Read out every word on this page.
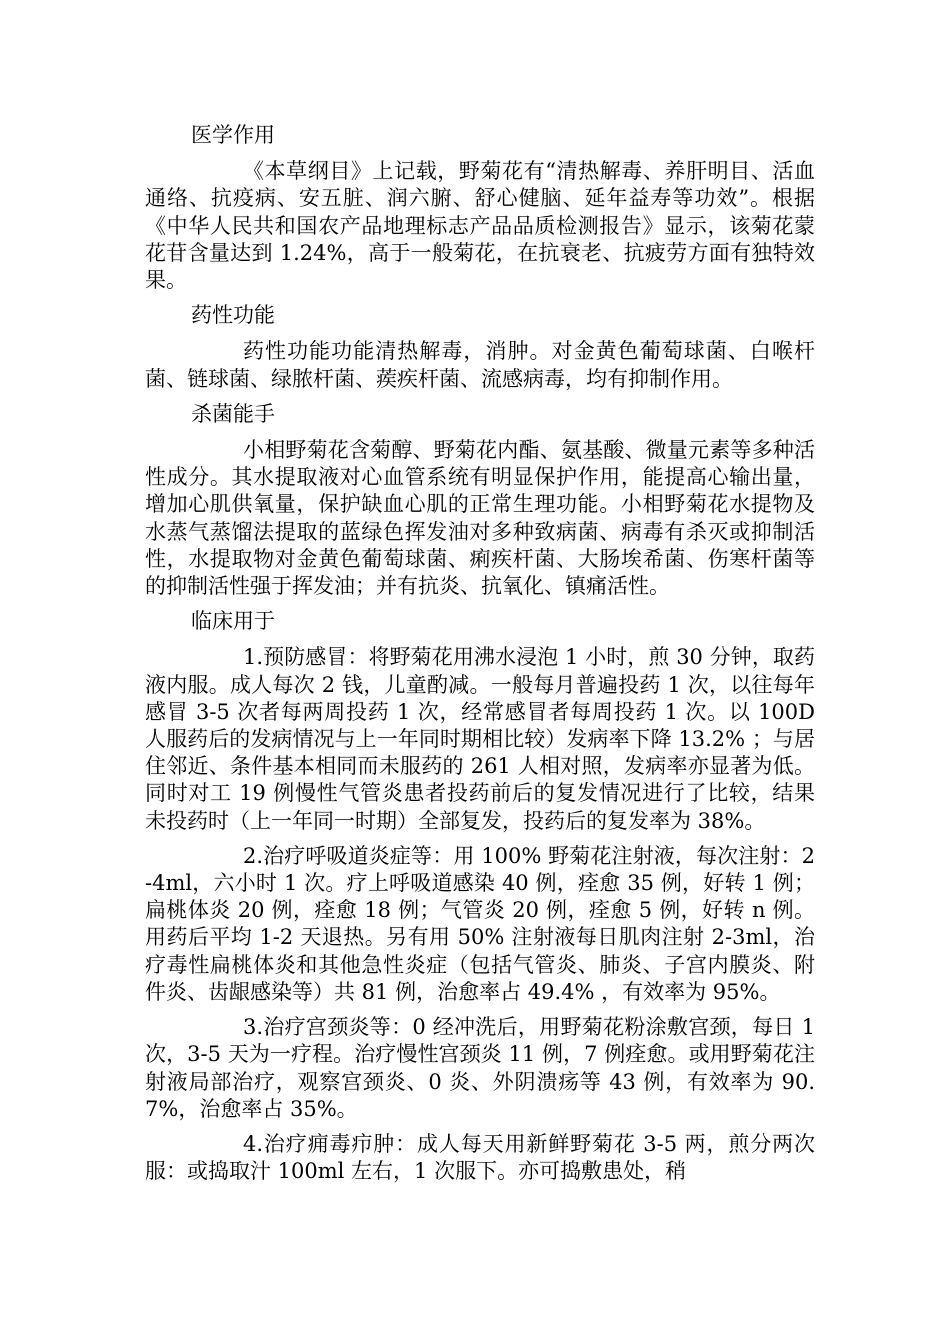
医学作用
《本草纲目》上记载，野菊花有“清热解毒、养肝明目、活血通络、抗疫病、安五脏、润六腑、舒心健脑、延年益寿等功效”。根据《中华人民共和国农产品地理标志产品品质检测报告》显示，该菊花蒙花苷含量达到 1.24%，高于一般菊花，在抗衰老、抗疲劳方面有独特效果。
药性功能
药性功能功能清热解毒，消肿。对金黄色葡萄球菌、白喉杆菌、链球菌、绿脓杆菌、蒺疾杆菌、流感病毒，均有抑制作用。
杀菌能手
小相野菊花含菊醇、野菊花内酯、氨基酸、微量元素等多种活性成分。其水提取液对心血管系统有明显保护作用，能提高心输出量，增加心肌供氧量，保护缺血心肌的正常生理功能。小相野菊花水提物及水蒸气蒸馏法提取的蓝绿色挥发油对多种致病菌、病毒有杀灭或抑制活性，水提取物对金黄色葡萄球菌、痢疾杆菌、大肠埃希菌、伤寒杆菌等的抑制活性强于挥发油；并有抗炎、抗氧化、镇痛活性。
临床用于
1.预防感冒：将野菊花用沸水浸泡 1 小时，煎 30 分钟，取药液内服。成人每次 2 钱，儿童酌减。一般每月普遍投药 1 次，以往每年感冒 3-5 次者每两周投药 1 次，经常感冒者每周投药 1 次。以 100D 人服药后的发病情况与上一年同时期相比较）发病率下降 13.2% ；与居住邻近、条件基本相同而未服药的 261 人相对照，发病率亦显著为低。同时对工 19 例慢性气管炎患者投药前后的复发情况进行了比较，结果未投药时（上一年同一时期）全部复发，投药后的复发率为 38%。
2.治疗呼吸道炎症等：用 100% 野菊花注射液，每次注射：2-4ml，六小时 1 次。疗上呼吸道感染 40 例，痊愈 35 例，好转 1 例；扁桃体炎 20 例，痊愈 18 例；气管炎 20 例，痊愈 5 例，好转 n 例。用药后平均 1-2 天退热。另有用 50% 注射液每日肌肉注射 2-3ml，治疗毒性扁桃体炎和其他急性炎症（包括气管炎、肺炎、子宫内膜炎、附件炎、齿龈感染等）共 81 例，治愈率占 49.4% ，有效率为 95%。
3.治疗宫颈炎等：0 经冲洗后，用野菊花粉涂敷宫颈，每日 1 次，3-5 天为一疗程。治疗慢性宫颈炎 11 例，7 例痊愈。或用野菊花注射液局部治疗，观察宫颈炎、0 炎、外阴溃疡等 43 例，有效率为 90.7%，治愈率占 35%。
4.治疗痈毒疖肿：成人每天用新鲜野菊花 3-5 两，煎分两次服：或捣取汁 100ml 左右，1 次服下。亦可捣敷患处，稍
